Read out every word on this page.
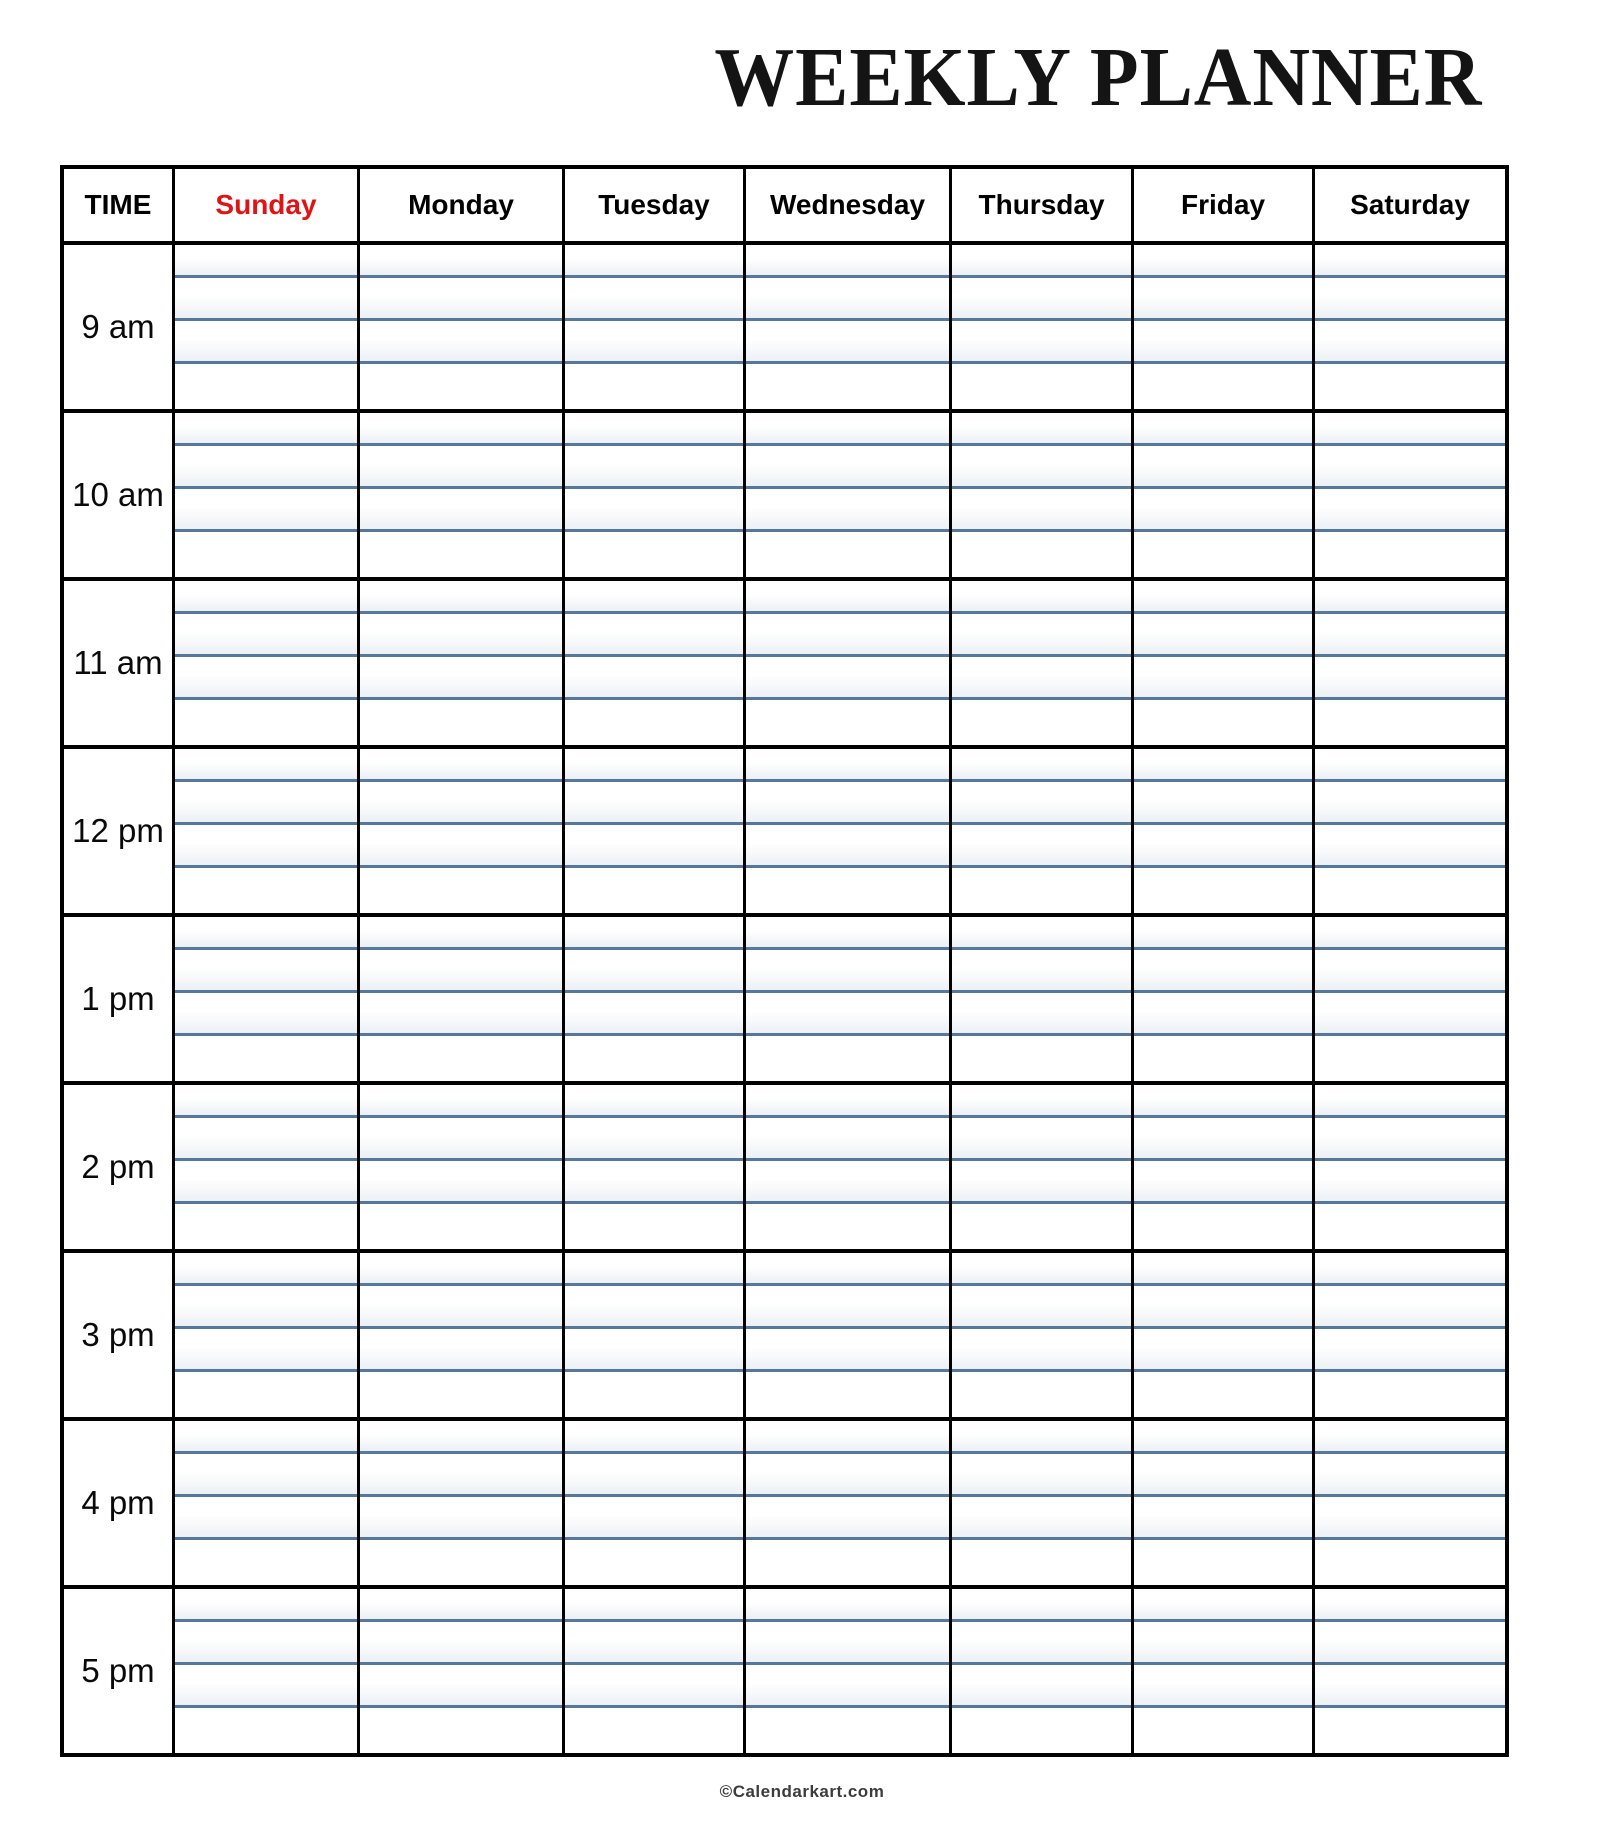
WEEKLY PLANNER
TIME	Sunday	Monday	Tuesday	Wednesday	Thursday	Friday	Saturday
9 am	

10 am	

11 am	

12 pm	

1 pm	

2 pm	

3 pm	

4 pm	

5 pm	

©Calendarkart.com
